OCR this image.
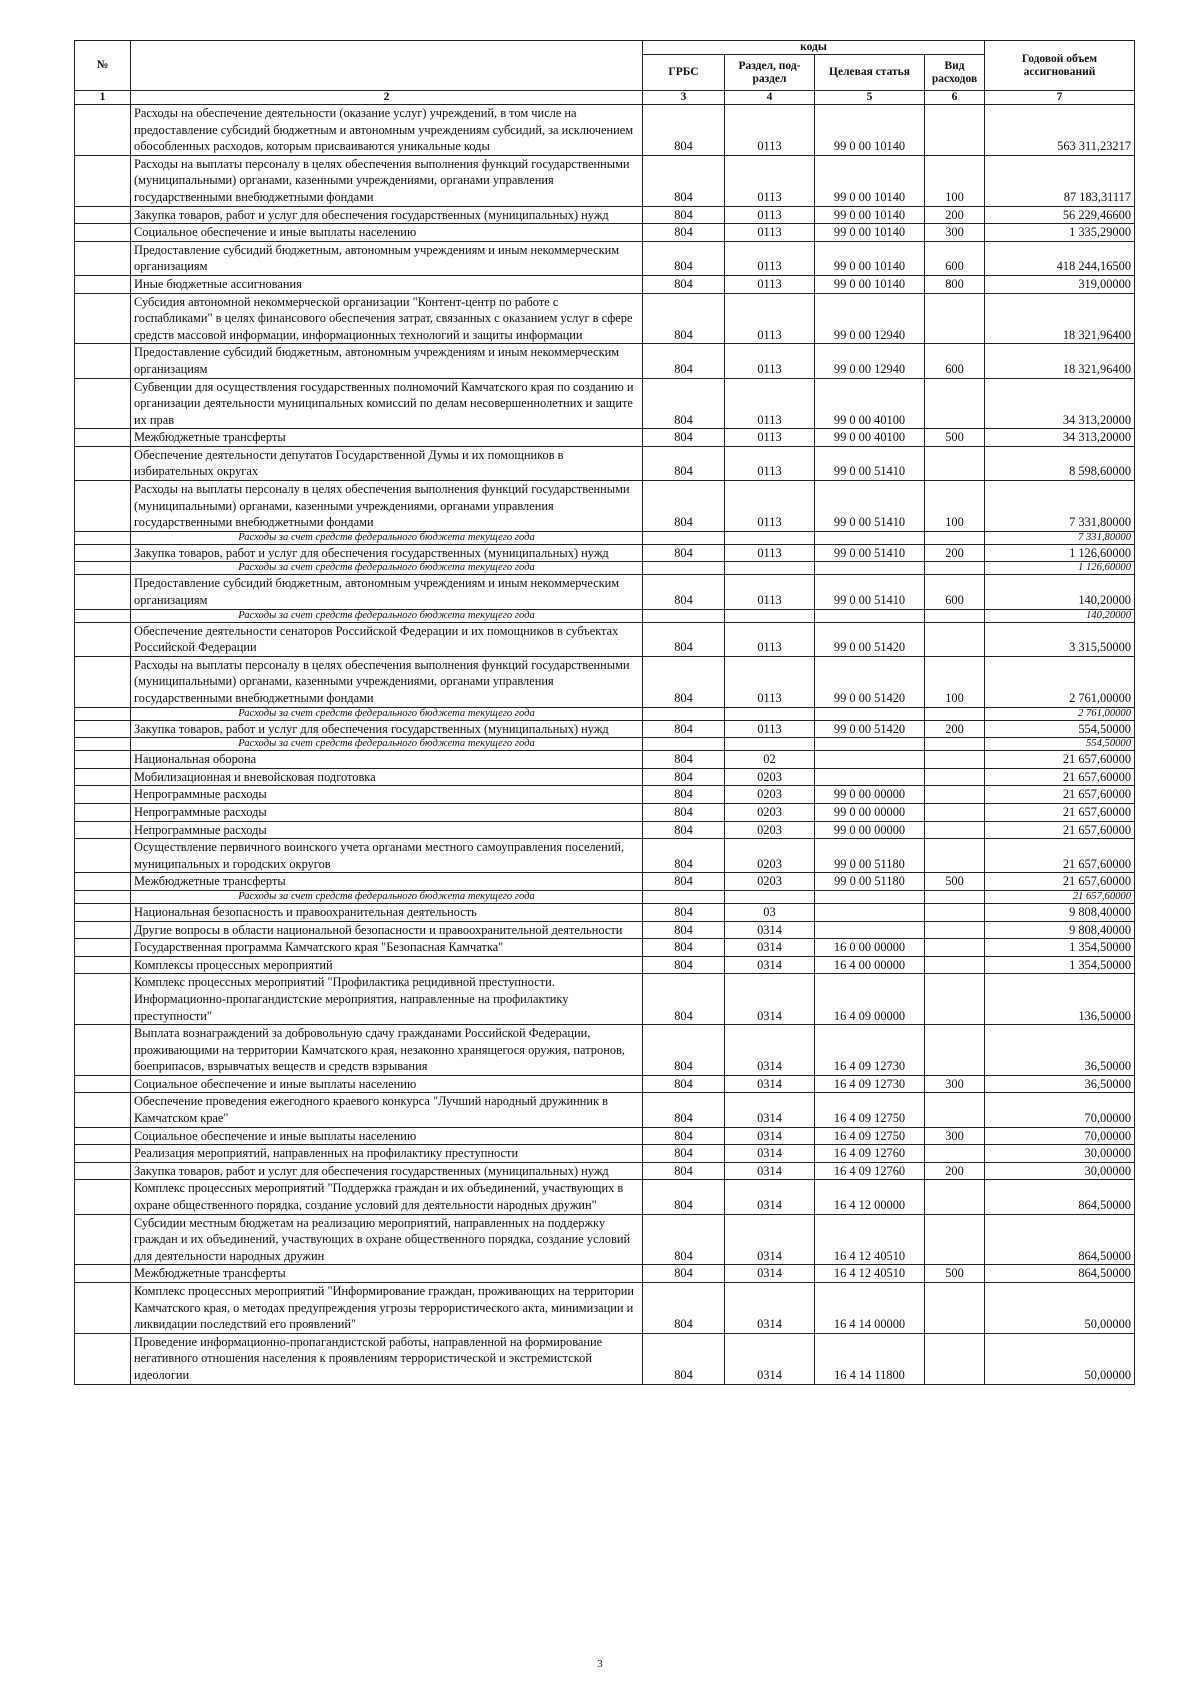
№		коды				Годовой объем ассигнований
		ГРБС	Раздел, под-раздел	Целевая статья	Вид расходов	
1	2	3	4	5	6	7
	Расходы на обеспечение деятельности (оказание услуг) учреждений, в том числе на предоставление субсидий бюджетным и автономным учреждениям субсидий, за исключением обособленных расходов, которым присваиваются уникальные коды	804	0113	99 0 00 10140		563 311,23217
	Расходы на выплаты персоналу в целях обеспечения выполнения функций государственными (муниципальными) органами, казенными учреждениями, органами управления государственными внебюджетными фондами	804	0113	99 0 00 10140	100	87 183,31117
	Закупка товаров, работ и услуг для обеспечения государственных (муниципальных) нужд	804	0113	99 0 00 10140	200	56 229,46600
	Социальное обеспечение и иные выплаты населению	804	0113	99 0 00 10140	300	1 335,29000
	Предоставление субсидий бюджетным, автономным учреждениям и иным некоммерческим организациям	804	0113	99 0 00 10140	600	418 244,16500
	Иные бюджетные ассигнования	804	0113	99 0 00 10140	800	319,00000
	Субсидия автономной некоммерческой организации "Контент-центр по работе с госпабликами" в целях финансового обеспечения затрат, связанных с оказанием услуг в сфере средств массовой информации, информационных технологий и защиты информации	804	0113	99 0 00 12940		18 321,96400
	Предоставление субсидий бюджетным, автономным учреждениям и иным некоммерческим организациям	804	0113	99 0 00 12940	600	18 321,96400
	Субвенции для осуществления государственных полномочий Камчатского края по созданию и организации деятельности муниципальных комиссий по делам несовершеннолетних и защите их прав	804	0113	99 0 00 40100		34 313,20000
	Межбюджетные трансферты	804	0113	99 0 00 40100	500	34 313,20000
	Обеспечение деятельности депутатов Государственной Думы и их помощников в избирательных округах	804	0113	99 0 00 51410		8 598,60000
	Расходы на выплаты персоналу в целях обеспечения выполнения функций государственными (муниципальными) органами, казенными учреждениями, органами управления государственными внебюджетными фондами	804	0113	99 0 00 51410	100	7 331,80000
	Расходы за счет средств федерального бюджета текущего года					7 331,80000
	Закупка товаров, работ и услуг для обеспечения государственных (муниципальных) нужд	804	0113	99 0 00 51410	200	1 126,60000
	Расходы за счет средств федерального бюджета текущего года					1 126,60000
	Предоставление субсидий бюджетным, автономным учреждениям и иным некоммерческим организациям	804	0113	99 0 00 51410	600	140,20000
	Расходы за счет средств федерального бюджета текущего года					140,20000
	Обеспечение деятельности сенаторов Российской Федерации и их помощников в субъектах Российской Федерации	804	0113	99 0 00 51420		3 315,50000
	Расходы на выплаты персоналу в целях обеспечения выполнения функций государственными (муниципальными) органами, казенными учреждениями, органами управления государственными внебюджетными фондами	804	0113	99 0 00 51420	100	2 761,00000
	Расходы за счет средств федерального бюджета текущего года					2 761,00000
	Закупка товаров, работ и услуг для обеспечения государственных (муниципальных) нужд	804	0113	99 0 00 51420	200	554,50000
	Расходы за счет средств федерального бюджета текущего года					554,50000
	Национальная оборона	804	02			21 657,60000
	Мобилизационная и вневойсковая подготовка	804	0203			21 657,60000
	Непрограммные расходы	804	0203	99 0 00 00000		21 657,60000
	Непрограммные расходы	804	0203	99 0 00 00000		21 657,60000
	Непрограммные расходы	804	0203	99 0 00 00000		21 657,60000
	Осуществление первичного воинского учета органами местного самоуправления поселений, муниципальных и городских округов	804	0203	99 0 00 51180		21 657,60000
	Межбюджетные трансферты	804	0203	99 0 00 51180	500	21 657,60000
	Расходы за счет средств федерального бюджета текущего года					21 657,60000
	Национальная безопасность и правоохранительная деятельность	804	03			9 808,40000
	Другие вопросы в области национальной безопасности и правоохранительной деятельности	804	0314			9 808,40000
	Государственная программа Камчатского края "Безопасная Камчатка"	804	0314	16 0 00 00000		1 354,50000
	Комплексы процессных мероприятий	804	0314	16 4 00 00000		1 354,50000
	Комплекс процессных мероприятий "Профилактика рецидивной преступности. Информационно-пропагандистские мероприятия, направленные на профилактику преступности"	804	0314	16 4 09 00000		136,50000
	Выплата вознаграждений за добровольную сдачу гражданами Российской Федерации, проживающими на территории Камчатского края, незаконно хранящегося оружия, патронов, боеприпасов, взрывчатых веществ и средств взрывания	804	0314	16 4 09 12730		36,50000
	Социальное обеспечение и иные выплаты населению	804	0314	16 4 09 12730	300	36,50000
	Обеспечение проведения ежегодного краевого конкурса "Лучший народный дружинник в Камчатском крае"	804	0314	16 4 09 12750		70,00000
	Социальное обеспечение и иные выплаты населению	804	0314	16 4 09 12750	300	70,00000
	Реализация мероприятий, направленных на профилактику преступности	804	0314	16 4 09 12760		30,00000
	Закупка товаров, работ и услуг для обеспечения государственных (муниципальных) нужд	804	0314	16 4 09 12760	200	30,00000
	Комплекс процессных мероприятий "Поддержка граждан и их объединений, участвующих в охране общественного порядка, создание условий для деятельности народных дружин"	804	0314	16 4 12 00000		864,50000
	Субсидии местным бюджетам на реализацию мероприятий, направленных на поддержку граждан и их объединений, участвующих в охране общественного порядка, создание условий для деятельности народных дружин	804	0314	16 4 12 40510		864,50000
	Межбюджетные трансферты	804	0314	16 4 12 40510	500	864,50000
	Комплекс процессных мероприятий "Информирование граждан, проживающих на территории Камчатского края, о методах предупреждения угрозы террористического акта, минимизации и ликвидации последствий его проявлений"	804	0314	16 4 14 00000		50,00000
	Проведение информационно-пропагандистской работы, направленной на формирование негативного отношения населения к проявлениям террористической и экстремистской идеологии	804	0314	16 4 14 11800		50,00000
3
